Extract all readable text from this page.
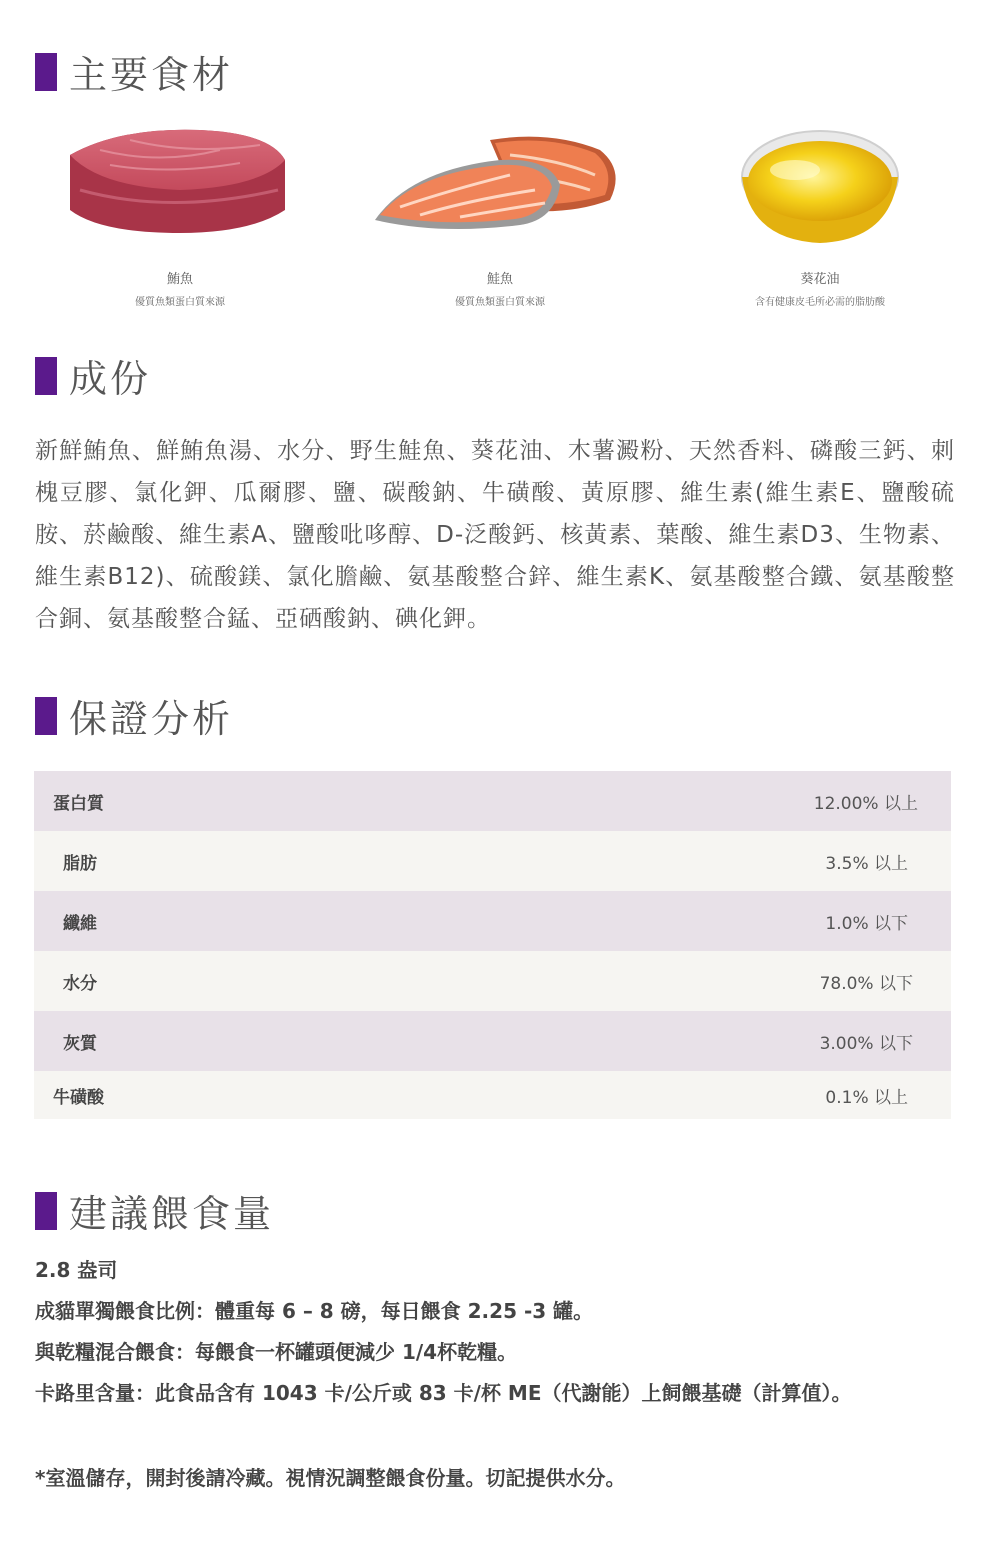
主要食材
鮪魚
優質魚類蛋白質來源
鮭魚
優質魚類蛋白質來源
葵花油
含有健康皮毛所必需的脂肪酸
成份
新鮮鮪魚、鮮鮪魚湯、水分、野生鮭魚、葵花油、木薯澱粉、天然香料、磷酸三鈣、刺槐豆膠、氯化鉀、瓜爾膠、鹽、碳酸鈉、牛磺酸、黃原膠、維生素(維生素E、鹽酸硫胺、菸鹼酸、維生素A、鹽酸吡哆醇、D-泛酸鈣、核黃素、葉酸、維生素D3、生物素、維生素B12)、硫酸鎂、氯化膽鹼、氨基酸整合鋅、維生素K、氨基酸整合鐵、氨基酸整合銅、氨基酸整合錳、亞硒酸鈉、碘化鉀。
保證分析
蛋白質	12.00% 以上
脂肪	3.5% 以上
纖維	1.0% 以下
水分	78.0% 以下
灰質	3.00% 以下
牛磺酸	0.1% 以上
建議餵食量

2.8 盎司

成貓單獨餵食比例：體重每 6 – 8 磅，每日餵食 2.25 -3 罐。

與乾糧混合餵食：每餵食一杯罐頭便減少 1/4杯乾糧。

卡路里含量：此食品含有 1043 卡/公斤或 83 卡/杯 ME（代謝能）上飼餵基礎（計算值）。

*室溫儲存，開封後請冷藏。視情況調整餵食份量。切記提供水分。
